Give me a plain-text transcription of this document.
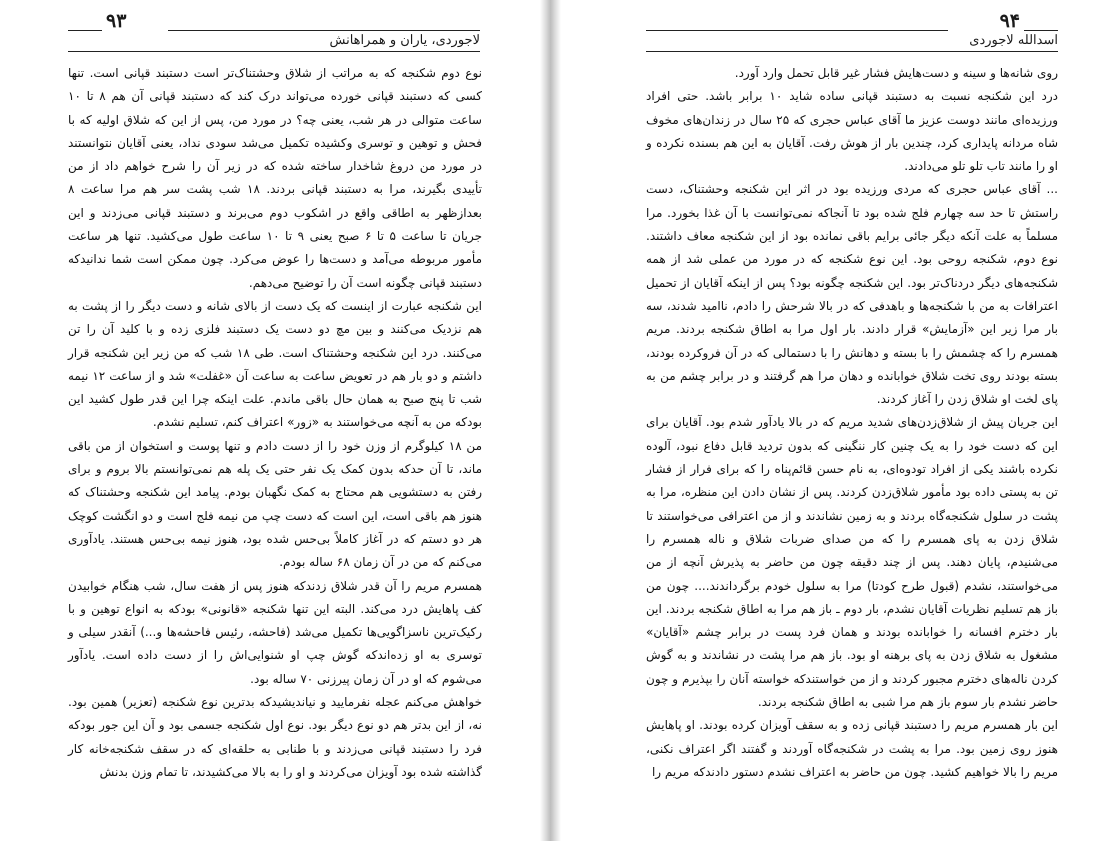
۹۳
لاجوردی، یاران و همراهانش

نوع دوم شکنجه که به مراتب از شلاق وحشتناک‌تر است دستبند قپانی است. تنها کسی که دستبند قپانی خورده می‌تواند درک کند که دستبند قپانی آن هم ۸ تا ۱۰ ساعت متوالی در هر شب، یعنی چه؟ در مورد من، پس از این که شلاق اولیه که با فحش و توهین و توسری وکشیده تکمیل می‌شد سودی نداد، یعنی آقایان نتوانستند در مورد من دروغ شاخدار ساخته شده که در زیر آن را شرح خواهم داد از من تأییدی بگیرند، مرا به دستبند قپانی بردند. ۱۸ شب پشت سر هم مرا ساعت ۸ بعدازظهر به اطاقی واقع در اشکوب دوم می‌برند و دستبند قپانی می‌زدند و این جریان تا ساعت ۵ تا ۶ صبح یعنی ۹ تا ۱۰ ساعت طول می‌کشید. تنها هر ساعت مأمور مربوطه می‌آمد و دست‌ها را عوض می‌کرد. چون ممکن است شما ندانیدکه دستبند قپانی چگونه است آن را توضیح می‌دهم.

این شکنجه عبارت از اینست که یک دست از بالای شانه و دست دیگر را از پشت به هم نزدیک می‌کنند و بین مچ دو دست یک دستبند فلزی زده و با کلید آن را تن می‌کنند. درد این شکنجه وحشتناک است. طی ۱۸ شب که من زیر این شکنجه قرار داشتم و دو بار هم در تعویض ساعت به ساعت آن «غفلت» شد و از ساعت ۱۲ نیمه شب تا پنج صبح به همان حال باقی ماندم. علت اینکه چرا این قدر طول کشید این بودکه من به آنچه می‌خواستند به «زور» اعتراف کنم، تسلیم نشدم.

من ۱۸ کیلوگرم از وزن خود را از دست دادم و تنها پوست و استخوان از من باقی ماند، تا آن حدکه بدون کمک یک نفر حتی یک پله هم نمی‌توانستم بالا بروم و برای رفتن به دستشویی هم محتاج به کمک نگهبان بودم. پیامد این شکنجه وحشتناک که هنوز هم باقی است، این است که دست چپ من نیمه فلج است و دو انگشت کوچک هر دو دستم که در آغاز کاملاً بی‌حس شده بود، هنوز نیمه بی‌حس هستند. یادآوری می‌کنم که من در آن زمان ۶۸ ساله بودم.

همسرم مریم را آن قدر شلاق زدندکه هنوز پس از هفت سال، شب هنگام خوابیدن کف پاهایش درد می‌کند. البته این تنها شکنجه «قانونی» بودکه به انواع توهین و با رکیک‌ترین ناسزاگویی‌ها تکمیل می‌شد (فاحشه، رئیس فاحشه‌ها و...) آنقدر سیلی و توسری به او زده‌اندکه گوش چپ او شنوایی‌اش را از دست داده است. یادآور می‌شوم که او در آن زمان پیرزنی ۷۰ ساله بود.

خواهش می‌کنم عجله نفرمایید و نیاندیشیدکه بدترین نوع شکنجه (تعزیر) همین بود. نه، از این بدتر هم دو نوع دیگر بود. نوع اول شکنجه جسمی بود و آن این جور بودکه فرد را دستبند قپانی می‌زدند و با طنابی به حلقه‌ای که در سقف شکنجه‌خانه کار گذاشته شده بود آویزان می‌کردند و او را به بالا می‌کشیدند، تا تمام وزن بدنش

۹۴
اسدالله لاجوردی

روی شانه‌ها و سینه و دست‌هایش فشار غیر قابل تحمل وارد آورد.

درد این شکنجه نسبت به دستبند قپانی ساده شاید ۱۰ برابر باشد. حتی افراد ورزیده‌ای مانند دوست عزیز ما آقای عباس حجری که ۲۵ سال در زندان‌های مخوف شاه مردانه پایداری کرد، چندین بار از هوش رفت. آقایان به این هم بسنده نکرده و او را مانند تاب تلو تلو می‌دادند.

... آقای عباس حجری که مردی ورزیده بود در اثر این شکنجه وحشتناک، دست راستش تا حد سه چهارم فلج شده بود تا آنجاکه نمی‌توانست با آن غذا بخورد. مرا مسلماً به علت آنکه دیگر جائی برایم باقی نمانده بود از این شکنجه معاف داشتند. نوع دوم، شکنجه روحی بود. این نوع شکنجه که در مورد من عملی شد از همه شکنجه‌های دیگر دردناک‌تر بود. این شکنجه چگونه بود؟ پس از اینکه آقایان از تحمیل اعترافات به من با شکنجه‌ها و باهدفی که در بالا شرحش را دادم، ناامید شدند، سه بار مرا زیر این «آزمایش» قرار دادند. بار اول مرا به اطاق شکنجه بردند. مریم همسرم را که چشمش را با بسته و دهانش را با دستمالی که در آن فروکرده بودند، بسته بودند روی تخت شلاق خوابانده و دهان مرا هم گرفتند و در برابر چشم من به پای لخت او شلاق زدن را آغاز کردند.

این جریان پیش از شلاق‌زدن‌های شدید مریم که در بالا یادآور شدم بود. آقایان برای این که دست خود را به یک چنین کار ننگینی که بدون تردید قابل دفاع نبود، آلوده نکرده باشند یکی از افراد تودوه‌ای، به نام حسن قائم‌پناه را که برای فرار از فشار تن به پستی داده بود مأمور شلاق‌زدن کردند. پس از نشان دادن این منظره، مرا به پشت در سلول شکنجه‌گاه بردند و به زمین نشاندند و از من اعترافی می‌خواستند تا شلاق زدن به پای همسرم را که من صدای ضربات شلاق و ناله همسرم را می‌شنیدم، پایان دهند. پس از چند دقیقه چون من حاضر به پذیرش آنچه از من می‌خواستند، نشدم (قبول طرح کودتا) مرا به سلول خودم برگرداندند.... چون من باز هم تسلیم نظریات آقایان نشدم، بار دوم ـ باز هم مرا به اطاق شکنجه بردند. این بار دخترم افسانه را خوابانده بودند و همان فرد پست در برابر چشم «آقایان» مشغول به شلاق زدن به پای برهنه او بود. باز هم مرا پشت در نشاندند و به گوش کردن ناله‌های دخترم مجبور کردند و از من خواستندکه خواسته آنان را بپذیرم و چون حاضر نشدم بار سوم باز هم مرا شبی به اطاق شکنجه بردند.

این بار همسرم مریم را دستبند قپانی زده و به سقف آویزان کرده بودند. او پاهایش هنوز روی زمین بود. مرا به پشت در شکنجه‌گاه آوردند و گفتند اگر اعتراف نکنی، مریم را بالا خواهیم کشید. چون من حاضر به اعتراف نشدم دستور دادندکه مریم را
